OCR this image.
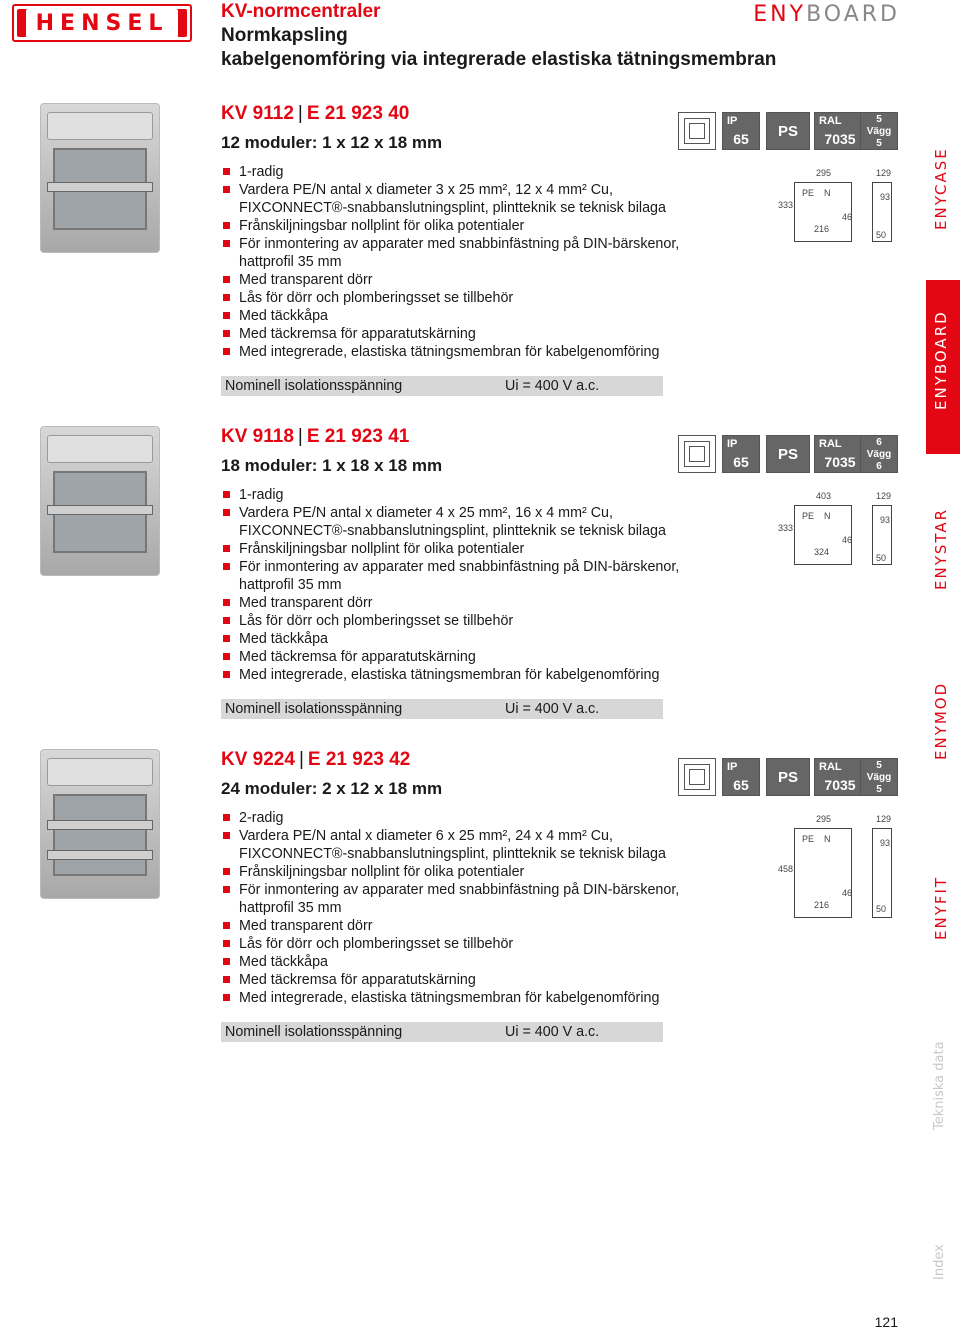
HENSEL	KV-normcentraler
Normkapsling
kabelgenomföring via integrerade elastiska tätningsmembran
ENYBOARD
KV 9112 | E 21 923 40
12 moduler: 1 x 12 x 18 mm
1-radig
Vardera PE/N antal x diameter 3 x 25 mm², 12 x 4 mm² Cu,
FIXCONNECT®-snabbanslutningsplint, plintteknik se teknisk bilaga
Frånskiljningsbar nollplint för olika potentialer
För inmontering av apparater med snabbinfästning på DIN-bärskenor,
hattprofil 35 mm
Med transparent dörr
Lås för dörr och plomberingsset se tillbehör
Med täckkåpa
Med täckremsa för apparatutskärning
Med integrerade, elastiska tätningsmembran för kabelgenomföring
Nominell isolationsspänning	Ui = 400 V a.c.
IP
65	PS
RAL
7035
5
Vägg
5
295	129
333
PE N
216
46
93
50
KV 9118 | E 21 923 41
18 moduler: 1 x 18 x 18 mm
1-radig
Vardera PE/N antal x diameter 4 x 25 mm², 16 x 4 mm² Cu,
FIXCONNECT®-snabbanslutningsplint, plintteknik se teknisk bilaga
Frånskiljningsbar nollplint för olika potentialer
För inmontering av apparater med snabbinfästning på DIN-bärskenor,
hattprofil 35 mm
Med transparent dörr
Lås för dörr och plomberingsset se tillbehör
Med täckkåpa
Med täckremsa för apparatutskärning
Med integrerade, elastiska tätningsmembran för kabelgenomföring
Nominell isolationsspänning	Ui = 400 V a.c.
IP
65	PS
RAL
7035
6
Vägg
6
403	129
333
PE N
324
46
93
50
KV 9224 | E 21 923 42
24 moduler: 2 x 12 x 18 mm
2-radig
Vardera PE/N antal x diameter 6 x 25 mm², 24 x 4 mm² Cu,
FIXCONNECT®-snabbanslutningsplint, plintteknik se teknisk bilaga
Frånskiljningsbar nollplint för olika potentialer
För inmontering av apparater med snabbinfästning på DIN-bärskenor,
hattprofil 35 mm
Med transparent dörr
Lås för dörr och plomberingsset se tillbehör
Med täckkåpa
Med täckremsa för apparatutskärning
Med integrerade, elastiska tätningsmembran för kabelgenomföring
Nominell isolationsspänning	Ui = 400 V a.c.
IP
65	PS
RAL
7035
5
Vägg
5
295	129
458
PE N
216
46
93
50
ENYCASE
ENYBOARD
ENYSTAR
ENYMOD
ENYFIT
Tekniska data
Index
121
